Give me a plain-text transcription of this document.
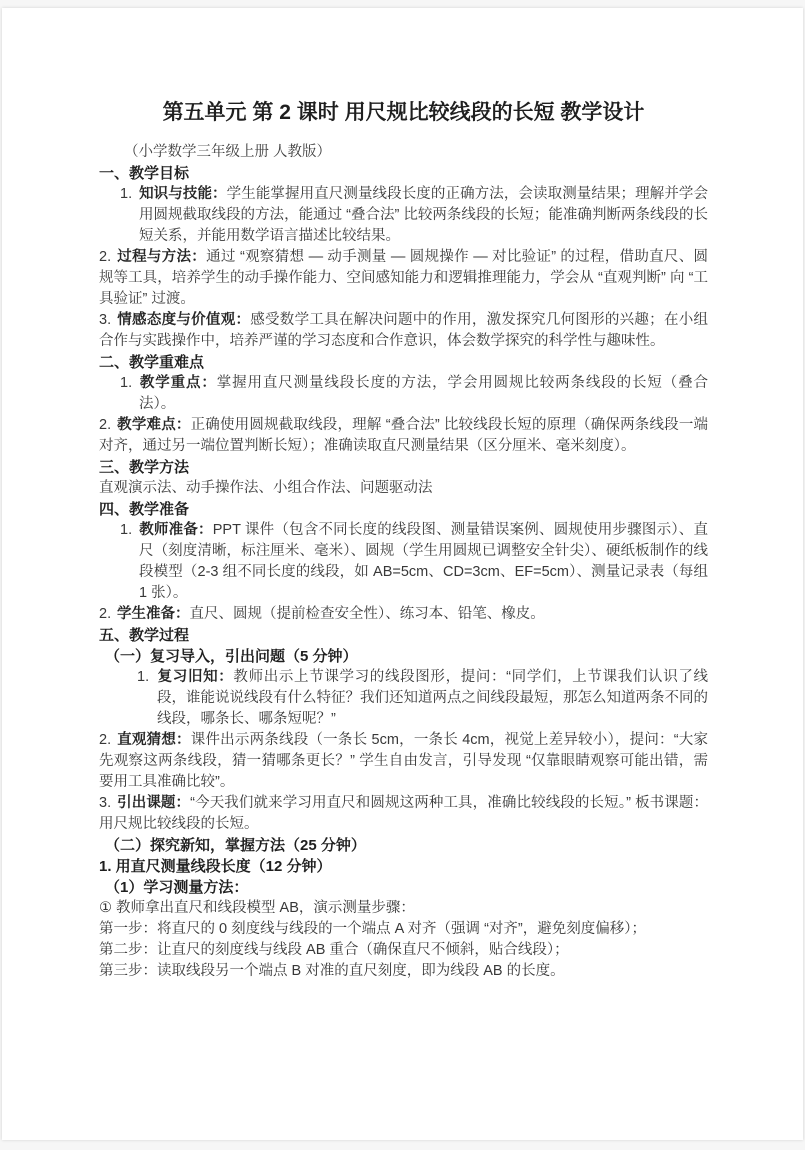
第五单元 第 2 课时 用尺规比较线段的长短 教学设计

（小学数学三年级上册 人教版）

一、教学目标
1. 知识与技能：学生能掌握用直尺测量线段长度的正确方法，会读取测量结果；理解并学会用圆规截取线段的方法，能通过 “叠合法” 比较两条线段的长短；能准确判断两条线段的长短关系，并能用数学语言描述比较结果。
2. 过程与方法：通过 “观察猜想 — 动手测量 — 圆规操作 — 对比验证” 的过程，借助直尺、圆规等工具，培养学生的动手操作能力、空间感知能力和逻辑推理能力，学会从 “直观判断” 向 “工具验证” 过渡。
3. 情感态度与价值观：感受数学工具在解决问题中的作用，激发探究几何图形的兴趣；在小组合作与实践操作中，培养严谨的学习态度和合作意识，体会数学探究的科学性与趣味性。
二、教学重难点
1. 教学重点：掌握用直尺测量线段长度的方法，学会用圆规比较两条线段的长短（叠合法）。
2. 教学难点：正确使用圆规截取线段，理解 “叠合法” 比较线段长短的原理（确保两条线段一端对齐，通过另一端位置判断长短）；准确读取直尺测量结果（区分厘米、毫米刻度）。
三、教学方法
直观演示法、动手操作法、小组合作法、问题驱动法
四、教学准备
1. 教师准备：PPT 课件（包含不同长度的线段图、测量错误案例、圆规使用步骤图示）、直尺（刻度清晰，标注厘米、毫米）、圆规（学生用圆规已调整安全针尖）、硬纸板制作的线段模型（2-3 组不同长度的线段，如 AB=5cm、CD=3cm、EF=5cm）、测量记录表（每组 1 张）。
2. 学生准备：直尺、圆规（提前检查安全性）、练习本、铅笔、橡皮。
五、教学过程
（一）复习导入，引出问题（5 分钟）
1. 复习旧知：教师出示上节课学习的线段图形，提问：“同学们，上节课我们认识了线段，谁能说说线段有什么特征？我们还知道两点之间线段最短，那怎么知道两条不同的线段，哪条长、哪条短呢？”
2. 直观猜想：课件出示两条线段（一条长 5cm，一条长 4cm，视觉上差异较小），提问：“大家先观察这两条线段，猜一猜哪条更长？” 学生自由发言，引导发现 “仅靠眼睛观察可能出错，需要用工具准确比较”。
3. 引出课题：“今天我们就来学习用直尺和圆规这两种工具，准确比较线段的长短。” 板书课题：用尺规比较线段的长短。
（二）探究新知，掌握方法（25 分钟）
1. 用直尺测量线段长度（12 分钟）
（1）学习测量方法：
① 教师拿出直尺和线段模型 AB，演示测量步骤：
第一步：将直尺的 0 刻度线与线段的一个端点 A 对齐（强调 “对齐”，避免刻度偏移）；
第二步：让直尺的刻度线与线段 AB 重合（确保直尺不倾斜，贴合线段）；
第三步：读取线段另一个端点 B 对准的直尺刻度，即为线段 AB 的长度。
